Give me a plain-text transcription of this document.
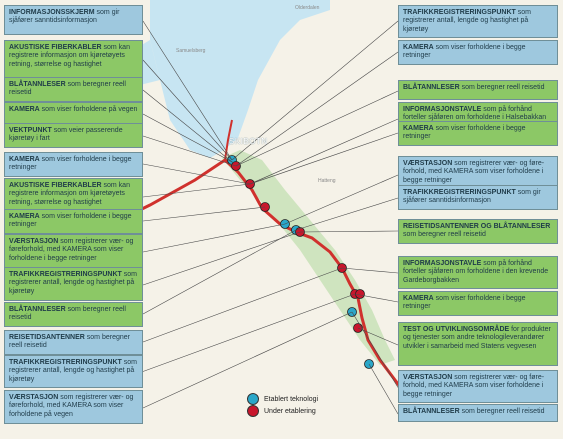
SKIBOTN
Olderdalen
Samuelsberg
Hatteng
INFORMASJONSSKJERM som gir sjåfører sanntidsinformasjon
AKUSTISKE FIBERKABLER som kan registrere informasjon om kjøretøyets retning, størrelse og hastighet
BLÅTANNLESER som beregner reell reisetid
KAMERA som viser forholdene på vegen
VEKTPUNKT som veier passerende kjøretøy i fart
KAMERA som viser forholdene i begge retninger
AKUSTISKE FIBERKABLER som kan registrere informasjon om kjøretøyets retning, størrelse og hastighet
KAMERA som viser forholdene i begge retninger
VÆRSTASJON som registrerer vær- og føreforhold, med KAMERA som viser forholdene i begge retninger
TRAFIKKREGISTRERINGSPUNKT som registrerer antall, lengde og hastighet på kjøretøy
BLÅTANNLESER som beregner reell reisetid
REISETIDSANTENNER som beregner reell reisetid
TRAFIKKREGISTRERINGSPUNKT som registrerer antall, lengde og hastighet på kjøretøy
VÆRSTASJON som registrerer vær- og føreforhold, med KAMERA som viser forholdene på vegen
TRAFIKKREGISTRERINGSPUNKT som registrerer antall, lengde og hastighet på kjøretøy
KAMERA som viser forholdene i begge retninger
BLÅTANNLESER som beregner reell reisetid
INFORMASJONSTAVLE som på forhånd forteller sjåføren om forholdene i Halsebakkan
KAMERA som viser forholdene i begge retninger
VÆRSTASJON som registrerer vær- og føre-forhold, med KAMERA som viser forholdene i begge retninger
TRAFIKKREGISTRERINGSPUNKT som gir sjåfører sanntidsinformasjon
REISETIDSANTENNER OG BLÅTANNLESER som beregner reell reisetid
INFORMASJONSTAVLE som på forhånd forteller sjåføren om forholdene i den krevende Gardeborgbakken
KAMERA som viser forholdene i begge retninger
TEST OG UTVIKLINGSOMRÅDE for produkter og tjenester som andre teknologileverandører utvikler i samarbeid med Statens vegvesen
VÆRSTASJON som registrerer vær- og føre-forhold, med KAMERA som viser forholdene i begge retninger
BLÅTANNLESER som beregner reell reisetid
Etablert teknologi
Under etablering
